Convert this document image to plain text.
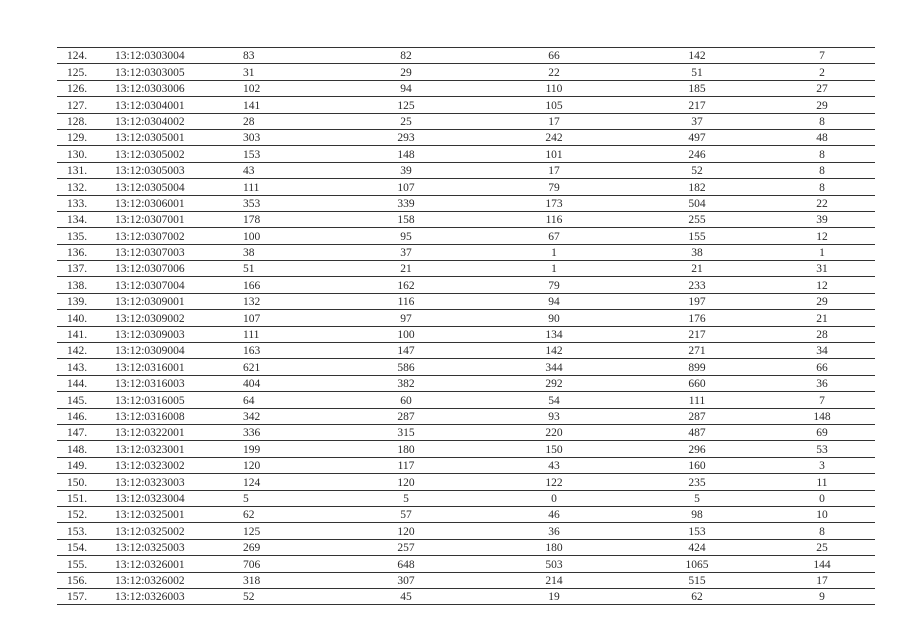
124.	13:12:0303004	83	82	66	142	7
125.	13:12:0303005	31	29	22	51	2
126.	13:12:0303006	102	94	110	185	27
127.	13:12:0304001	141	125	105	217	29
128.	13:12:0304002	28	25	17	37	8
129.	13:12:0305001	303	293	242	497	48
130.	13:12:0305002	153	148	101	246	8
131.	13:12:0305003	43	39	17	52	8
132.	13:12:0305004	111	107	79	182	8
133.	13:12:0306001	353	339	173	504	22
134.	13:12:0307001	178	158	116	255	39
135.	13:12:0307002	100	95	67	155	12
136.	13:12:0307003	38	37	1	38	1
137.	13:12:0307006	51	21	1	21	31
138.	13:12:0307004	166	162	79	233	12
139.	13:12:0309001	132	116	94	197	29
140.	13:12:0309002	107	97	90	176	21
141.	13:12:0309003	111	100	134	217	28
142.	13:12:0309004	163	147	142	271	34
143.	13:12:0316001	621	586	344	899	66
144.	13:12:0316003	404	382	292	660	36
145.	13:12:0316005	64	60	54	111	7
146.	13:12:0316008	342	287	93	287	148
147.	13:12:0322001	336	315	220	487	69
148.	13:12:0323001	199	180	150	296	53
149.	13:12:0323002	120	117	43	160	3
150.	13:12:0323003	124	120	122	235	11
151.	13:12:0323004	5	5	0	5	0
152.	13:12:0325001	62	57	46	98	10
153.	13:12:0325002	125	120	36	153	8
154.	13:12:0325003	269	257	180	424	25
155.	13:12:0326001	706	648	503	1065	144
156.	13:12:0326002	318	307	214	515	17
157.	13:12:0326003	52	45	19	62	9
